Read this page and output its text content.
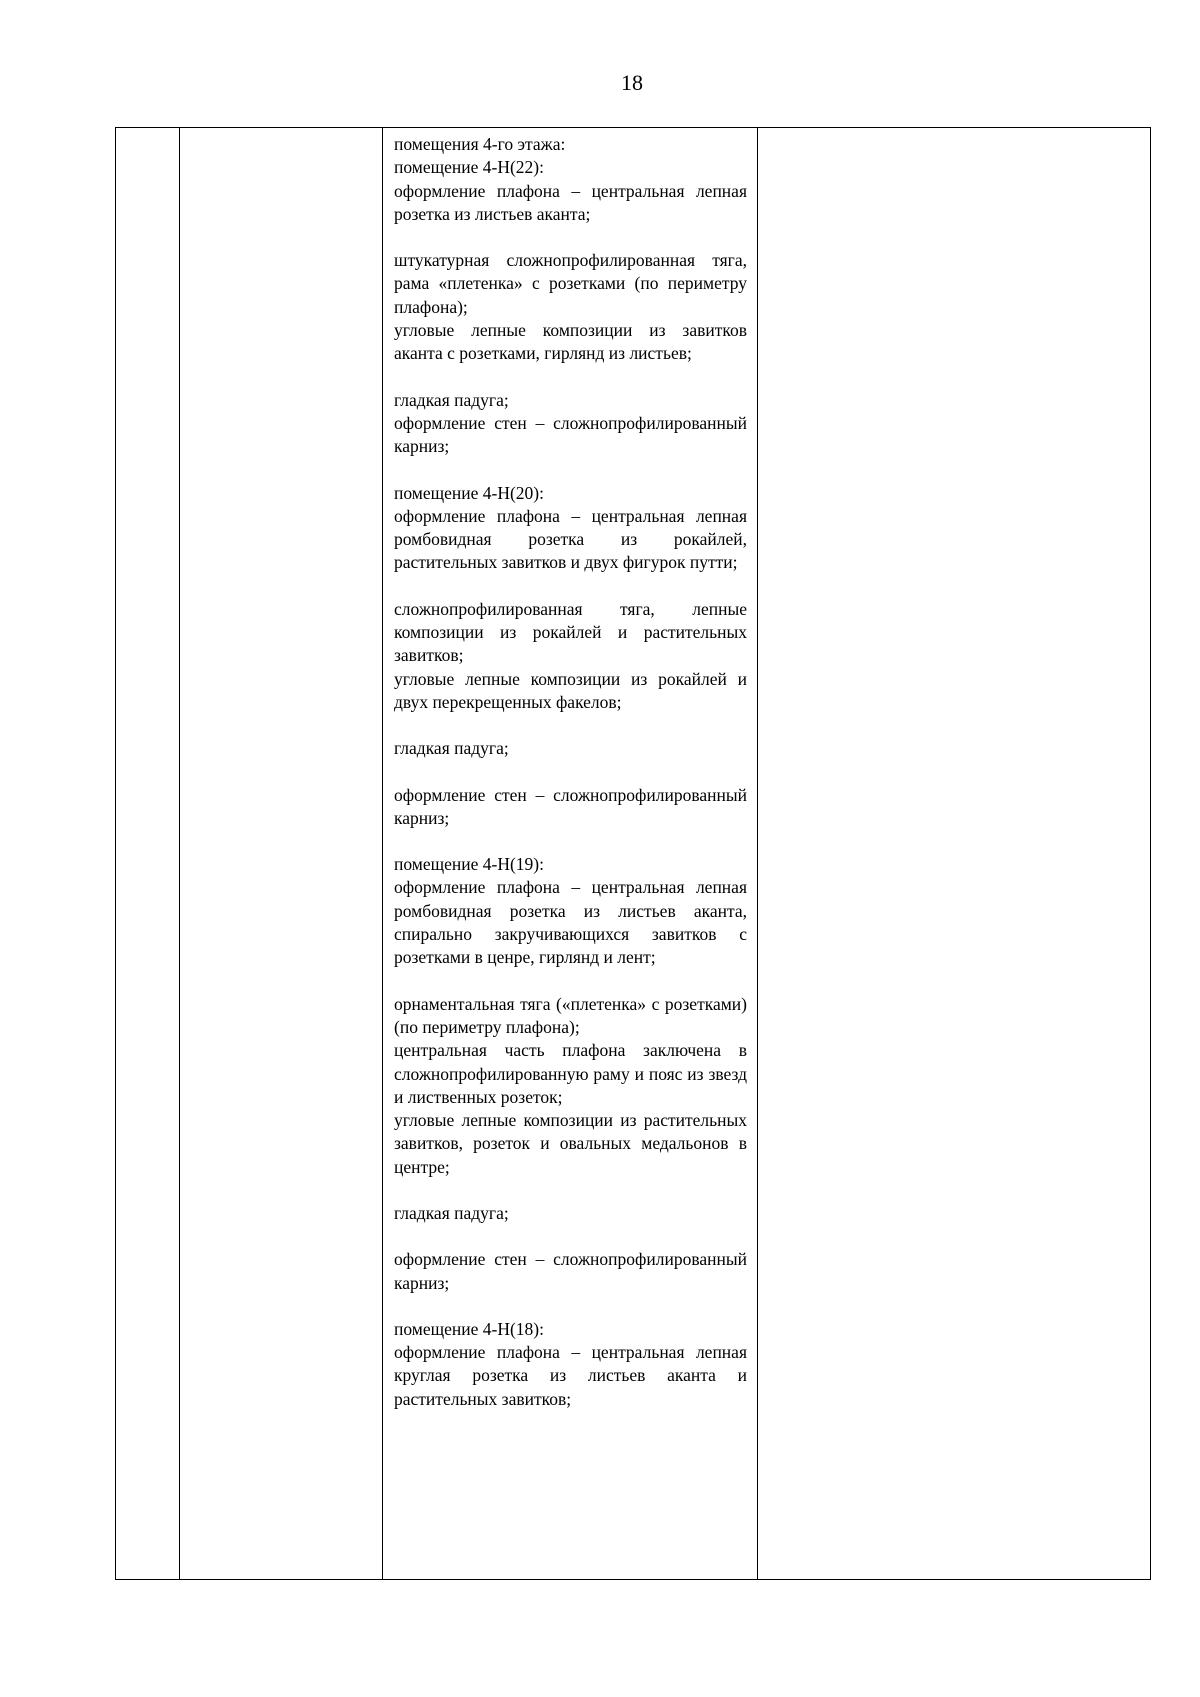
18

помещения 4-го этажа:
помещение 4-Н(22):
оформление плафона – центральная лепная розетка из листьев аканта;
штукатурная сложнопрофилированная тяга, рама «плетенка» с розетками (по периметру плафона);
угловые лепные композиции из завитков аканта с розетками, гирлянд из листьев;
гладкая падуга;
оформление стен – сложнопрофилированный карниз;
помещение 4-Н(20):
оформление плафона – центральная лепная ромбовидная розетка из рокайлей, растительных завитков и двух фигурок путти;
сложнопрофилированная тяга, лепные композиции из рокайлей и растительных завитков;
угловые лепные композиции из рокайлей и двух перекрещенных факелов;
гладкая падуга;
оформление стен – сложнопрофилированный карниз;
помещение 4-Н(19):
оформление плафона – центральная лепная ромбовидная розетка из листьев аканта, спирально закручивающихся завитков с розетками в ценре, гирлянд и лент;
орнаментальная тяга («плетенка» с розетками) (по периметру плафона);
центральная часть плафона заключена в сложнопрофилированную раму и пояс из звезд и лиственных розеток;
угловые лепные композиции из растительных завитков, розеток и овальных медальонов в центре;
гладкая падуга;
оформление стен – сложнопрофилированный карниз;
помещение 4-Н(18):
оформление плафона – центральная лепная круглая розетка из листьев аканта и растительных завитков;
